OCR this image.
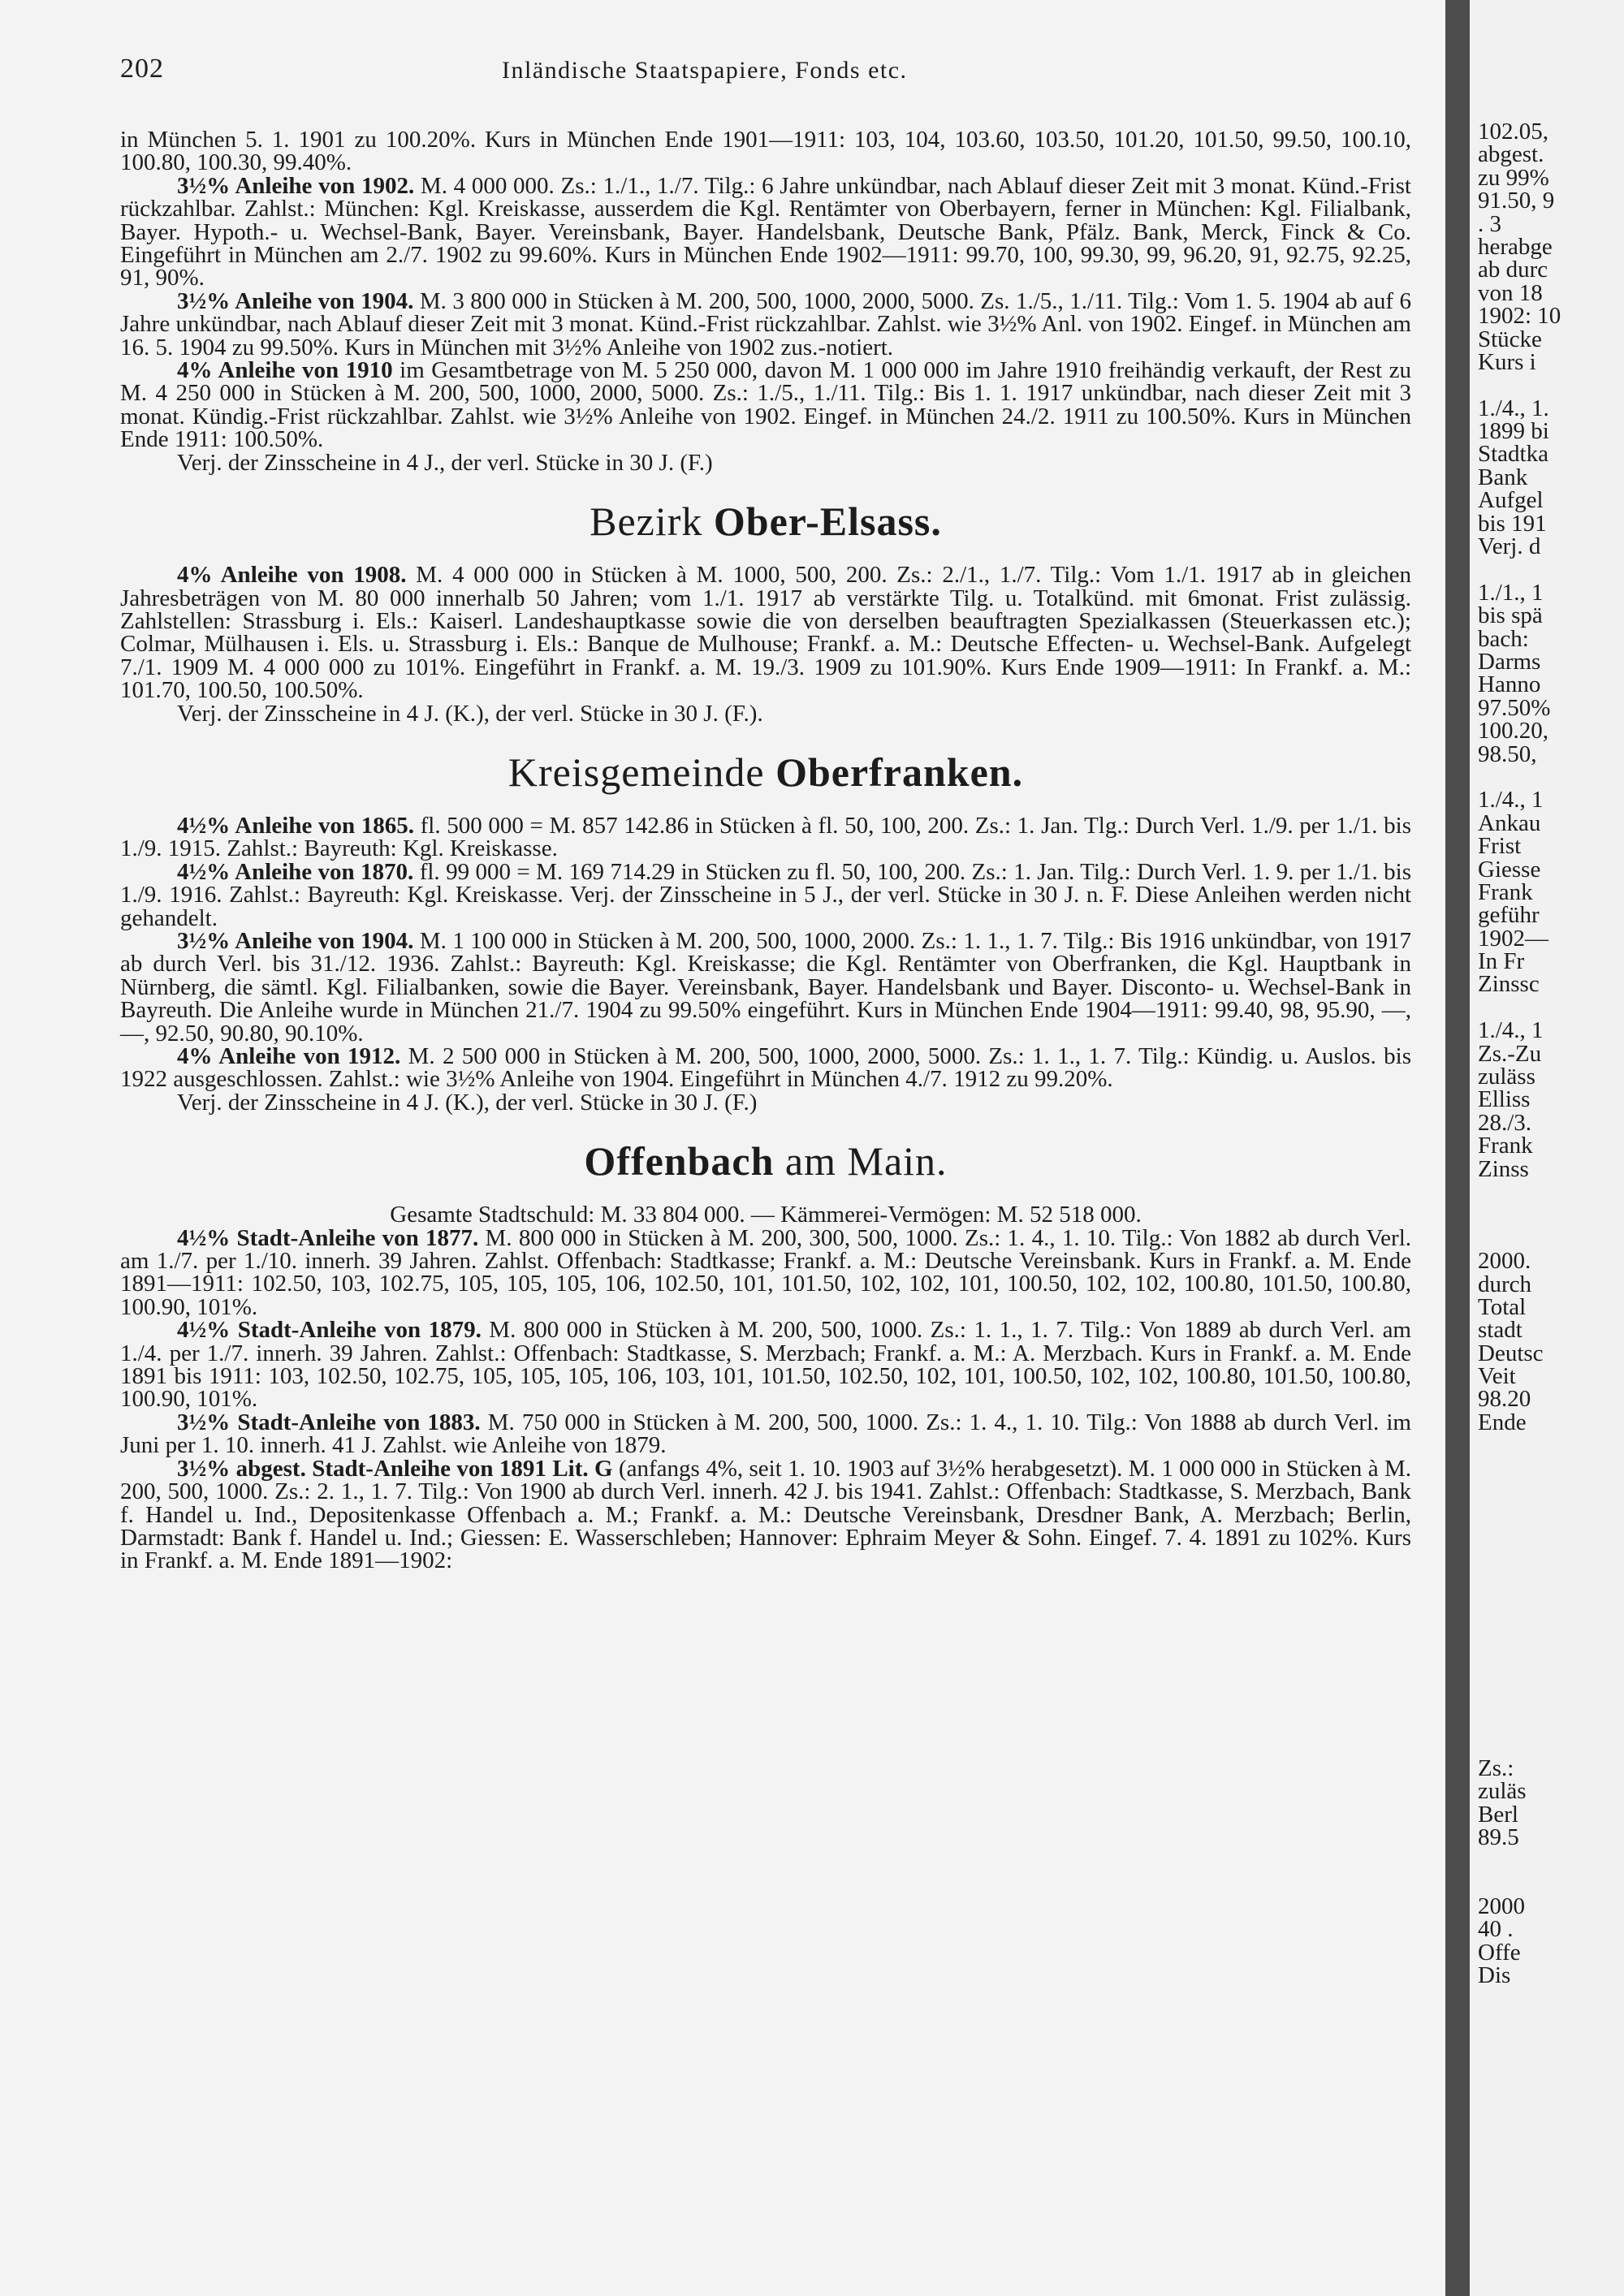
202	Inländische Staatspapiere, Fonds etc.

in München 5. 1. 1901 zu 100.20%. Kurs in München Ende 1901—1911: 103, 104, 103.60, 103.50, 101.20, 101.50, 99.50, 100.10, 100.80, 100.30, 99.40%.

3½% Anleihe von 1902. M. 4 000 000. Zs.: 1./1., 1./7. Tilg.: 6 Jahre unkündbar, nach Ablauf dieser Zeit mit 3 monat. Künd.-Frist rückzahlbar. Zahlst.: München: Kgl. Kreiskasse, ausserdem die Kgl. Rentämter von Oberbayern, ferner in München: Kgl. Filialbank, Bayer. Hypoth.- u. Wechsel-Bank, Bayer. Vereinsbank, Bayer. Handelsbank, Deutsche Bank, Pfälz. Bank, Merck, Finck & Co. Eingeführt in München am 2./7. 1902 zu 99.60%. Kurs in München Ende 1902—1911: 99.70, 100, 99.30, 99, 96.20, 91, 92.75, 92.25, 91, 90%.

3½% Anleihe von 1904. M. 3 800 000 in Stücken à M. 200, 500, 1000, 2000, 5000. Zs. 1./5., 1./11. Tilg.: Vom 1. 5. 1904 ab auf 6 Jahre unkündbar, nach Ablauf dieser Zeit mit 3 monat. Künd.-Frist rückzahlbar. Zahlst. wie 3½% Anl. von 1902. Eingef. in München am 16. 5. 1904 zu 99.50%. Kurs in München mit 3½% Anleihe von 1902 zus.-notiert.

4% Anleihe von 1910 im Gesamtbetrage von M. 5 250 000, davon M. 1 000 000 im Jahre 1910 freihändig verkauft, der Rest zu M. 4 250 000 in Stücken à M. 200, 500, 1000, 2000, 5000. Zs.: 1./5., 1./11. Tilg.: Bis 1. 1. 1917 unkündbar, nach dieser Zeit mit 3 monat. Kündig.-Frist rückzahlbar. Zahlst. wie 3½% Anleihe von 1902. Eingef. in München 24./2. 1911 zu 100.50%. Kurs in München Ende 1911: 100.50%.

Verj. der Zinsscheine in 4 J., der verl. Stücke in 30 J. (F.)

Bezirk Ober-Elsass.

4% Anleihe von 1908. M. 4 000 000 in Stücken à M. 1000, 500, 200. Zs.: 2./1., 1./7. Tilg.: Vom 1./1. 1917 ab in gleichen Jahresbeträgen von M. 80 000 innerhalb 50 Jahren; vom 1./1. 1917 ab verstärkte Tilg. u. Totalkünd. mit 6monat. Frist zulässig. Zahlstellen: Strassburg i. Els.: Kaiserl. Landeshauptkasse sowie die von derselben beauftragten Spezialkassen (Steuerkassen etc.); Colmar, Mülhausen i. Els. u. Strassburg i. Els.: Banque de Mulhouse; Frankf. a. M.: Deutsche Effecten- u. Wechsel-Bank. Aufgelegt 7./1. 1909 M. 4 000 000 zu 101%. Eingeführt in Frankf. a. M. 19./3. 1909 zu 101.90%. Kurs Ende 1909—1911: In Frankf. a. M.: 101.70, 100.50, 100.50%.

Verj. der Zinsscheine in 4 J. (K.), der verl. Stücke in 30 J. (F.).

Kreisgemeinde Oberfranken.

4½% Anleihe von 1865. fl. 500 000 = M. 857 142.86 in Stücken à fl. 50, 100, 200. Zs.: 1. Jan. Tlg.: Durch Verl. 1./9. per 1./1. bis 1./9. 1915. Zahlst.: Bayreuth: Kgl. Kreiskasse.

4½% Anleihe von 1870. fl. 99 000 = M. 169 714.29 in Stücken zu fl. 50, 100, 200. Zs.: 1. Jan. Tilg.: Durch Verl. 1. 9. per 1./1. bis 1./9. 1916. Zahlst.: Bayreuth: Kgl. Kreiskasse. Verj. der Zinsscheine in 5 J., der verl. Stücke in 30 J. n. F. Diese Anleihen werden nicht gehandelt.

3½% Anleihe von 1904. M. 1 100 000 in Stücken à M. 200, 500, 1000, 2000. Zs.: 1. 1., 1. 7. Tilg.: Bis 1916 unkündbar, von 1917 ab durch Verl. bis 31./12. 1936. Zahlst.: Bayreuth: Kgl. Kreiskasse; die Kgl. Rentämter von Oberfranken, die Kgl. Hauptbank in Nürnberg, die sämtl. Kgl. Filialbanken, sowie die Bayer. Vereinsbank, Bayer. Handelsbank und Bayer. Disconto- u. Wechsel-Bank in Bayreuth. Die Anleihe wurde in München 21./7. 1904 zu 99.50% eingeführt. Kurs in München Ende 1904—1911: 99.40, 98, 95.90, —, —, 92.50, 90.80, 90.10%.

4% Anleihe von 1912. M. 2 500 000 in Stücken à M. 200, 500, 1000, 2000, 5000. Zs.: 1. 1., 1. 7. Tilg.: Kündig. u. Auslos. bis 1922 ausgeschlossen. Zahlst.: wie 3½% Anleihe von 1904. Eingeführt in München 4./7. 1912 zu 99.20%.

Verj. der Zinsscheine in 4 J. (K.), der verl. Stücke in 30 J. (F.)

Offenbach am Main.

Gesamte Stadtschuld: M. 33 804 000. — Kämmerei-Vermögen: M. 52 518 000.

4½% Stadt-Anleihe von 1877. M. 800 000 in Stücken à M. 200, 300, 500, 1000. Zs.: 1. 4., 1. 10. Tilg.: Von 1882 ab durch Verl. am 1./7. per 1./10. innerh. 39 Jahren. Zahlst. Offenbach: Stadtkasse; Frankf. a. M.: Deutsche Vereinsbank. Kurs in Frankf. a. M. Ende 1891—1911: 102.50, 103, 102.75, 105, 105, 105, 106, 102.50, 101, 101.50, 102, 102, 101, 100.50, 102, 102, 100.80, 101.50, 100.80, 100.90, 101%.

4½% Stadt-Anleihe von 1879. M. 800 000 in Stücken à M. 200, 500, 1000. Zs.: 1. 1., 1. 7. Tilg.: Von 1889 ab durch Verl. am 1./4. per 1./7. innerh. 39 Jahren. Zahlst.: Offenbach: Stadtkasse, S. Merzbach; Frankf. a. M.: A. Merzbach. Kurs in Frankf. a. M. Ende 1891 bis 1911: 103, 102.50, 102.75, 105, 105, 105, 106, 103, 101, 101.50, 102.50, 102, 101, 100.50, 102, 102, 100.80, 101.50, 100.80, 100.90, 101%.

3½% Stadt-Anleihe von 1883. M. 750 000 in Stücken à M. 200, 500, 1000. Zs.: 1. 4., 1. 10. Tilg.: Von 1888 ab durch Verl. im Juni per 1. 10. innerh. 41 J. Zahlst. wie Anleihe von 1879.

3½% abgest. Stadt-Anleihe von 1891 Lit. G (anfangs 4%, seit 1. 10. 1903 auf 3½% herabgesetzt). M. 1 000 000 in Stücken à M. 200, 500, 1000. Zs.: 2. 1., 1. 7. Tilg.: Von 1900 ab durch Verl. innerh. 42 J. bis 1941. Zahlst.: Offenbach: Stadtkasse, S. Merzbach, Bank f. Handel u. Ind., Depositenkasse Offenbach a. M.; Frankf. a. M.: Deutsche Vereinsbank, Dresdner Bank, A. Merzbach; Berlin, Darmstadt: Bank f. Handel u. Ind.; Giessen: E. Wasserschleben; Hannover: Ephraim Meyer & Sohn. Eingef. 7. 4. 1891 zu 102%. Kurs in Frankf. a. M. Ende 1891—1902:

102.05,
abgest.
zu 99%
91.50, 9
. 3
herabge
ab durc
von 18
1902: 10
Stücke
Kurs i
1./4., 1.
1899 bi
Stadtka
Bank
Aufgel
bis 191
Verj. d
1./1., 1
bis spä
bach:
Darms
Hanno
97.50%
100.20,
98.50,
1./4., 1
Ankau
Frist
Giesse
Frank
geführ
1902—
In Fr
Zinssc
1./4., 1
Zs.-Zu
zuläss
Elliss
28./3.
Frank
Zinss
2000.
durch
Total
stadt
Deutsc
Veit
98.20
Ende
Zs.:
zuläs
Berl
89.5
2000
40 .
Offe
Dis
